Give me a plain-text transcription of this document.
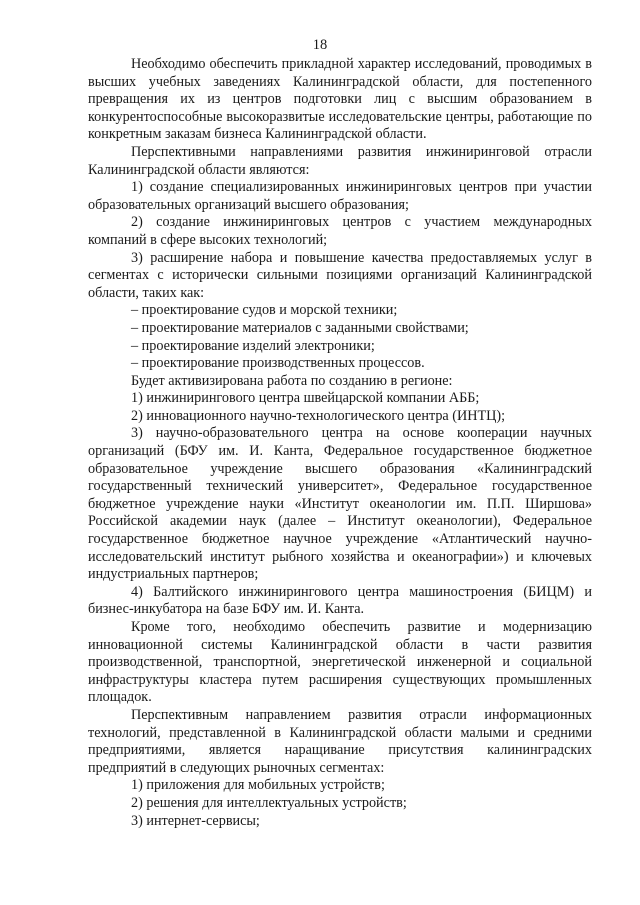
18

Необходимо обеспечить прикладной характер исследований, проводимых в высших учебных заведениях Калининградской области, для постепенного превращения их из центров подготовки лиц с высшим образованием в конкурентоспособные высокоразвитые исследовательские центры, работающие по конкретным заказам бизнеса Калининградской области.

Перспективными направлениями развития инжиниринговой отрасли Калининградской области являются:

1) создание специализированных инжиниринговых центров при участии образовательных организаций высшего образования;

2) создание инжиниринговых центров с участием международных компаний в сфере высоких технологий;

3) расширение набора и повышение качества предоставляемых услуг в сегментах с исторически сильными позициями организаций Калининградской области, таких как:

– проектирование судов и морской техники;

– проектирование материалов с заданными свойствами;

– проектирование изделий электроники;

– проектирование производственных процессов.

Будет активизирована работа по созданию в регионе:

1) инжинирингового центра швейцарской компании АББ;

2) инновационного научно-технологического центра (ИНТЦ);

3) научно-образовательного центра на основе кооперации научных организаций (БФУ им. И. Канта, Федеральное государственное бюджетное образовательное учреждение высшего образования «Калининградский государственный технический университет», Федеральное государственное бюджетное учреждение науки «Институт океанологии им. П.П. Ширшова» Российской академии наук (далее – Институт океанологии), Федеральное государственное бюджетное научное учреждение «Атлантический научно-исследовательский институт рыбного хозяйства и океанографии») и ключевых индустриальных партнеров;

4) Балтийского инжинирингового центра машиностроения (БИЦМ) и бизнес-инкубатора на базе БФУ им. И. Канта.

Кроме того, необходимо обеспечить развитие и модернизацию инновационной системы Калининградской области в части развития производственной, транспортной, энергетической инженерной и социальной инфраструктуры кластера путем расширения существующих промышленных площадок.

Перспективным направлением развития отрасли информационных технологий, представленной в Калининградской области малыми и средними предприятиями, является наращивание присутствия калининградских предприятий в следующих рыночных сегментах:

1) приложения для мобильных устройств;

2) решения для интеллектуальных устройств;

3) интернет-сервисы;
